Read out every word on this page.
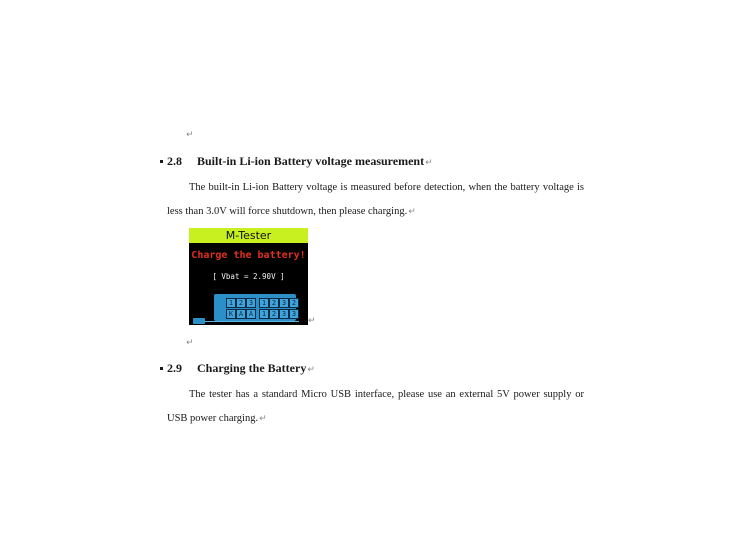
↵
2.8 Built-in Li-ion Battery voltage measurement↵
The built-in Li-ion Battery voltage is measured before detection, when the battery voltage is
less than 3.0V will force shutdown, then please charging.↵
M-Tester
Charge the battery!
[ Vbat = 2.90V ]
1 2 3	1 2 3 2
K A A	1 2 3 3
↵
↵
2.9 Charging the Battery↵
The tester has a standard Micro USB interface, please use an external 5V power supply or
USB power charging.↵
